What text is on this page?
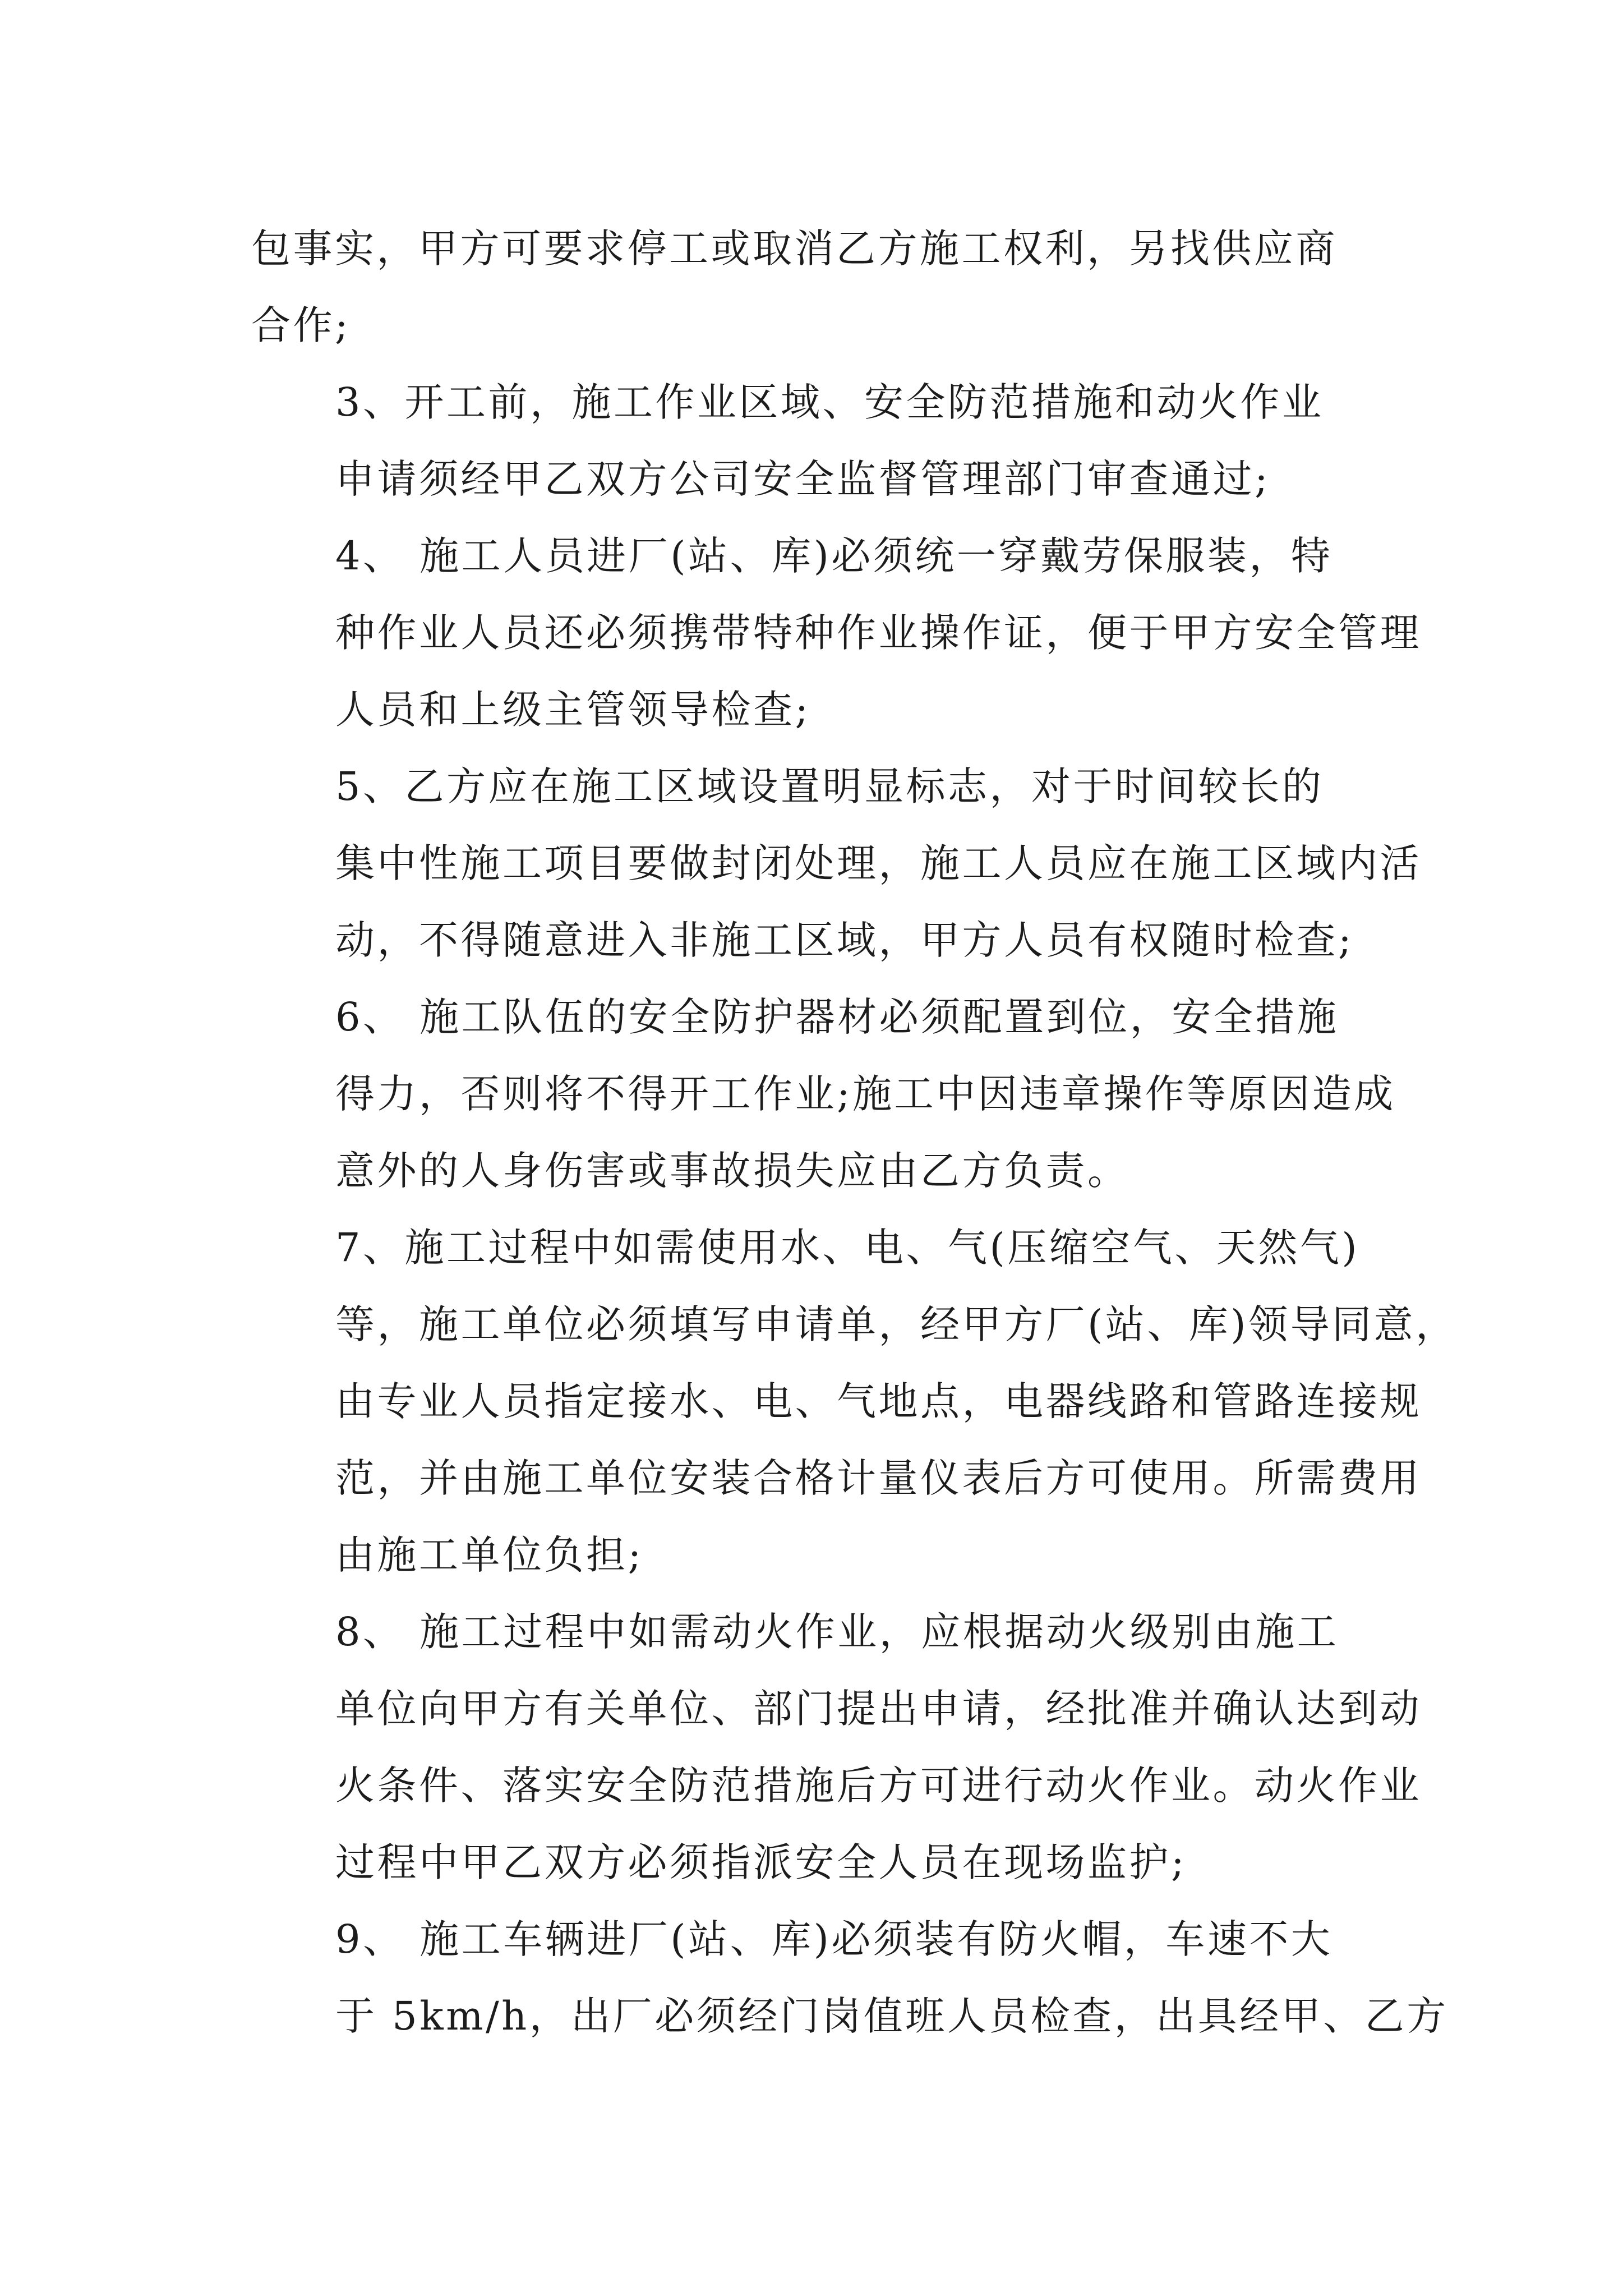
包事实，甲方可要求停工或取消乙方施工权利，另找供应商
合作;

3、开工前，施工作业区域、安全防范措施和动火作业
申请须经甲乙双方公司安全监督管理部门审查通过;

4、 施工人员进厂(站、库)必须统一穿戴劳保服装，特
种作业人员还必须携带特种作业操作证，便于甲方安全管理
人员和上级主管领导检查;

5、乙方应在施工区域设置明显标志，对于时间较长的
集中性施工项目要做封闭处理，施工人员应在施工区域内活
动，不得随意进入非施工区域，甲方人员有权随时检查;

6、 施工队伍的安全防护器材必须配置到位，安全措施
得力，否则将不得开工作业;施工中因违章操作等原因造成
意外的人身伤害或事故损失应由乙方负责。

7、施工过程中如需使用水、电、气(压缩空气、天然气)
等，施工单位必须填写申请单，经甲方厂(站、库)领导同意，
由专业人员指定接水、电、气地点，电器线路和管路连接规
范，并由施工单位安装合格计量仪表后方可使用。所需费用
由施工单位负担;

8、 施工过程中如需动火作业，应根据动火级别由施工
单位向甲方有关单位、部门提出申请，经批准并确认达到动
火条件、落实安全防范措施后方可进行动火作业。动火作业
过程中甲乙双方必须指派安全人员在现场监护;

9、 施工车辆进厂(站、库)必须装有防火帽，车速不大
于 5km/h，出厂必须经门岗值班人员检查，出具经甲、乙方
